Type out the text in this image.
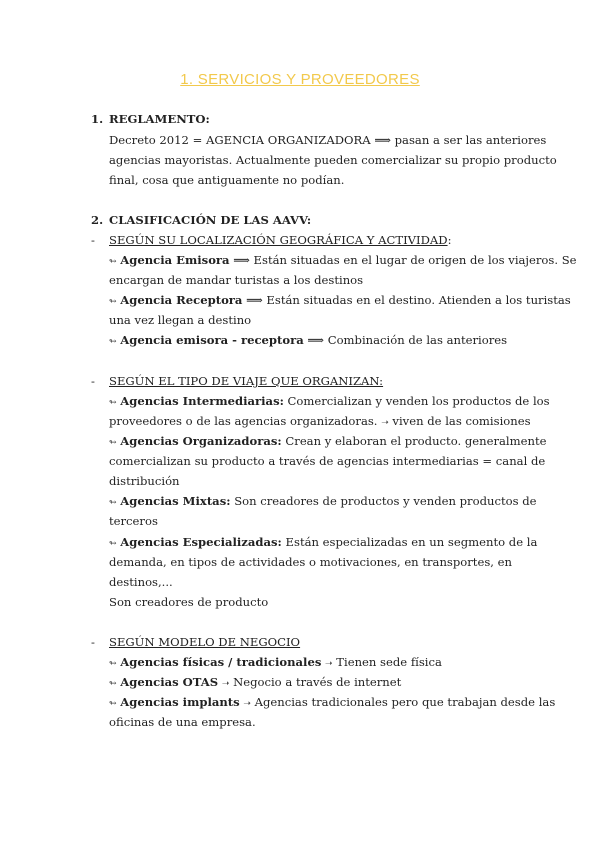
1. SERVICIOS Y PROVEEDORES
1. REGLAMENTO:
Decreto 2012 = AGENCIA ORGANIZADORA ⟹ pasan a ser las anteriores
agencias mayoristas. Actualmente pueden comercializar su propio producto
final, cosa que antiguamente no podían.
2. CLASIFICACIÓN DE LAS AAVV:
- SEGÚN SU LOCALIZACIÓN GEOGRÁFICA Y ACTIVIDAD:
↬ Agencia Emisora ⟹ Están situadas en el lugar de origen de los viajeros. Se
encargan de mandar turistas a los destinos
↬ Agencia Receptora ⟹ Están situadas en el destino. Atienden a los turistas
una vez llegan a destino
↬ Agencia emisora - receptora ⟹ Combinación de las anteriores
- SEGÚN EL TIPO DE VIAJE QUE ORGANIZAN:
↬ Agencias Intermediarias: Comercializan y venden los productos de los
proveedores o de las agencias organizadoras. ➝ viven de las comisiones
↬ Agencias Organizadoras: Crean y elaboran el producto. generalmente
comercializan su producto a través de agencias intermediarias = canal de
distribución
↬ Agencias Mixtas: Son creadores de productos y venden productos de
terceros
↬ Agencias Especializadas: Están especializadas en un segmento de la
demanda, en tipos de actividades o motivaciones, en transportes, en
destinos,...
Son creadores de producto
- SEGÚN MODELO DE NEGOCIO
↬ Agencias físicas / tradicionales ➝ Tienen sede física
↬ Agencias OTAS ➝ Negocio a través de internet
↬ Agencias implants ➝ Agencias tradicionales pero que trabajan desde las
oficinas de una empresa.
